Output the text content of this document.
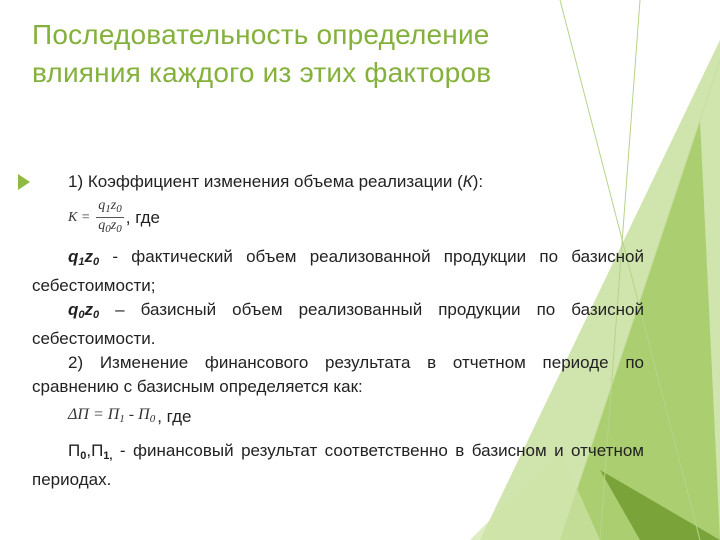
Последовательность определение
влияния каждого из этих факторов

1) Коэффициент изменения объема реализации (К):

$K = \frac{q_1z_0}{q_0z_0}$ , где

$q_1z_0$ - фактический объем реализованной продукции по базисной себестоимости;

$q_0z_0$ – базисный объем реализованный продукции по базисной себестоимости.

2) Изменение финансового результата в отчетном периоде по сравнению с базисным определяется как:

$\Delta П = П_1 - П_0$ , где

П0,П1, - финансовый результат соответственно в базисном и отчетном периодах.
